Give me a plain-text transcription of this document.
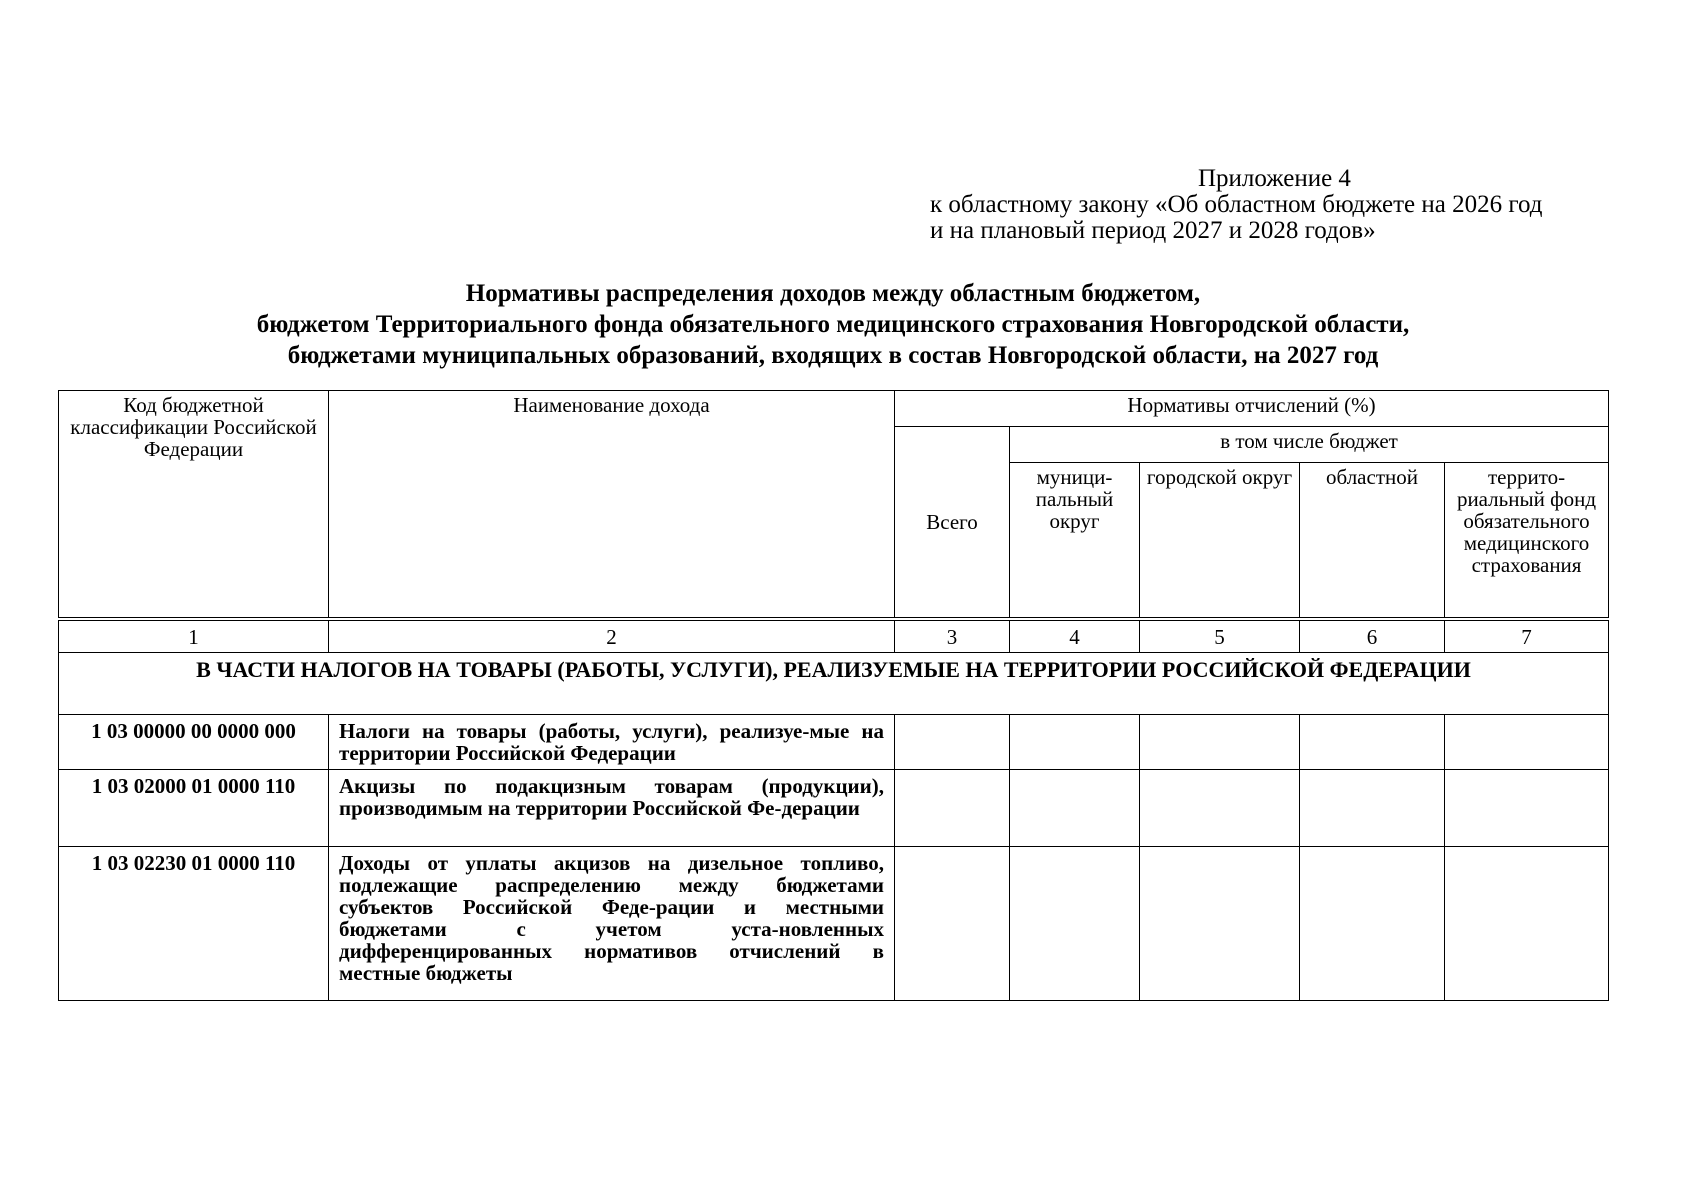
Приложение 4
к областному закону «Об областном бюджете на 2026 год
и на плановый период 2027 и 2028 годов»
Нормативы распределения доходов между областным бюджетом,
бюджетом Территориального фонда обязательного медицинского страхования Новгородской области,
бюджетами муниципальных образований, входящих в состав Новгородской области, на 2027 год
Код бюджетной классификации Российской Федерации	Наименование дохода	Нормативы отчислений (%)				
		Всего	в том числе бюджет			
			муници-пальный округ	городской округ	областной	террито-риальный фонд обязательного медицинского страхования
1	2	3	4	5	6	7
В ЧАСТИ НАЛОГОВ НА ТОВАРЫ (РАБОТЫ, УСЛУГИ), РЕАЛИЗУЕМЫЕ НА ТЕРРИТОРИИ РОССИЙСКОЙ ФЕДЕРАЦИИ						
1 03 00000 00 0000 000	Налоги на товары (работы, услуги), реализуе-мые на территории Российской Федерации					
1 03 02000 01 0000 110	Акцизы по подакцизным товарам (продукции), производимым на территории Российской Фе-дерации					
1 03 02230 01 0000 110	Доходы от уплаты акцизов на дизельное топливо, подлежащие распределению между бюджетами субъектов Российской Феде-рации и местными бюджетами с учетом уста-новленных дифференцированных нормативов отчислений в местные бюджеты					
